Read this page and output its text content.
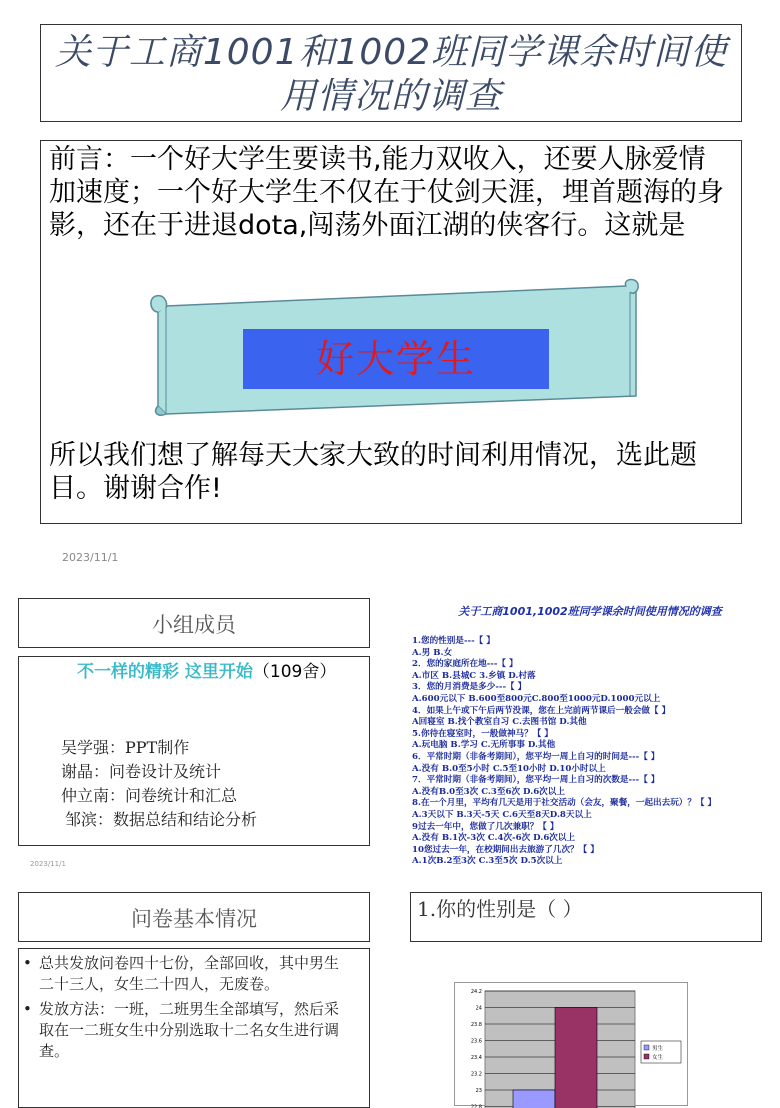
关于工商1001和1002班同学课余时间使用情况的调查
前言：一个好大学生要读书,能力双收入，还要人脉爱情加速度；一个好大学生不仅在于仗剑天涯，埋首题海的身影，还在于进退dota,闯荡外面江湖的侠客行。这就是
好大学生
所以我们想了解每天大家大致的时间利用情况，选此题目。谢谢合作!
2023/11/1
小组成员
不一样的精彩 这里开始（109舍）
吴学强：PPT制作
谢晶：问卷设计及统计
仲立南：问卷统计和汇总
邹滨：数据总结和结论分析
2023/11/1
关于工商1001,1002班同学课余时间使用情况的调查
1.您的性别是---【 】
A.男 B.女
2．您的家庭所在地---【 】
A.市区 B.县城C 3.乡镇 D.村落
3．您的月消费是多少---【 】
A.600元以下 B.600至800元C.800至1000元D.1000元以上
4．如果上午或下午后两节没课，您在上完前两节课后一般会做【 】
A回寝室 B.找个教室自习 C.去图书馆 D.其他
5.你待在寝室时，一般做神马？【 】
A.玩电脑 B.学习 C.无所事事 D.其他
6．平常时期（非备考期间），您平均一周上自习的时间是---【 】
A.没有 B.0至5小时 C.5至10小时 D.10小时以上
7．平常时期（非备考期间），您平均一周上自习的次数是---【 】
A.没有B.0至3次 C.3至6次 D.6次以上
8.在一个月里，平均有几天是用于社交活动（会友，聚餐，一起出去玩）？【 】
A.3天以下 B.3天-5天 C.6天至8天D.8天以上
9过去一年中，您做了几次兼职？【 】
A.没有 B.1次-3次 C.4次-6次 D.6次以上
10您过去一年，在校期间出去旅游了几次？【 】
A.1次B.2至3次 C.3至5次 D.5次以上
问卷基本情况
• 总共发放问卷四十七份，全部回收，其中男生二十三人，女生二十四人，无废卷。
• 发放方法：一班，二班男生全部填写，然后采取在一二班女生中分别选取十二名女生进行调查。
1.你的性别是（ ）
24.2
24
23.8
23.6
23.4
23.2
23
22.8
男生
女生
